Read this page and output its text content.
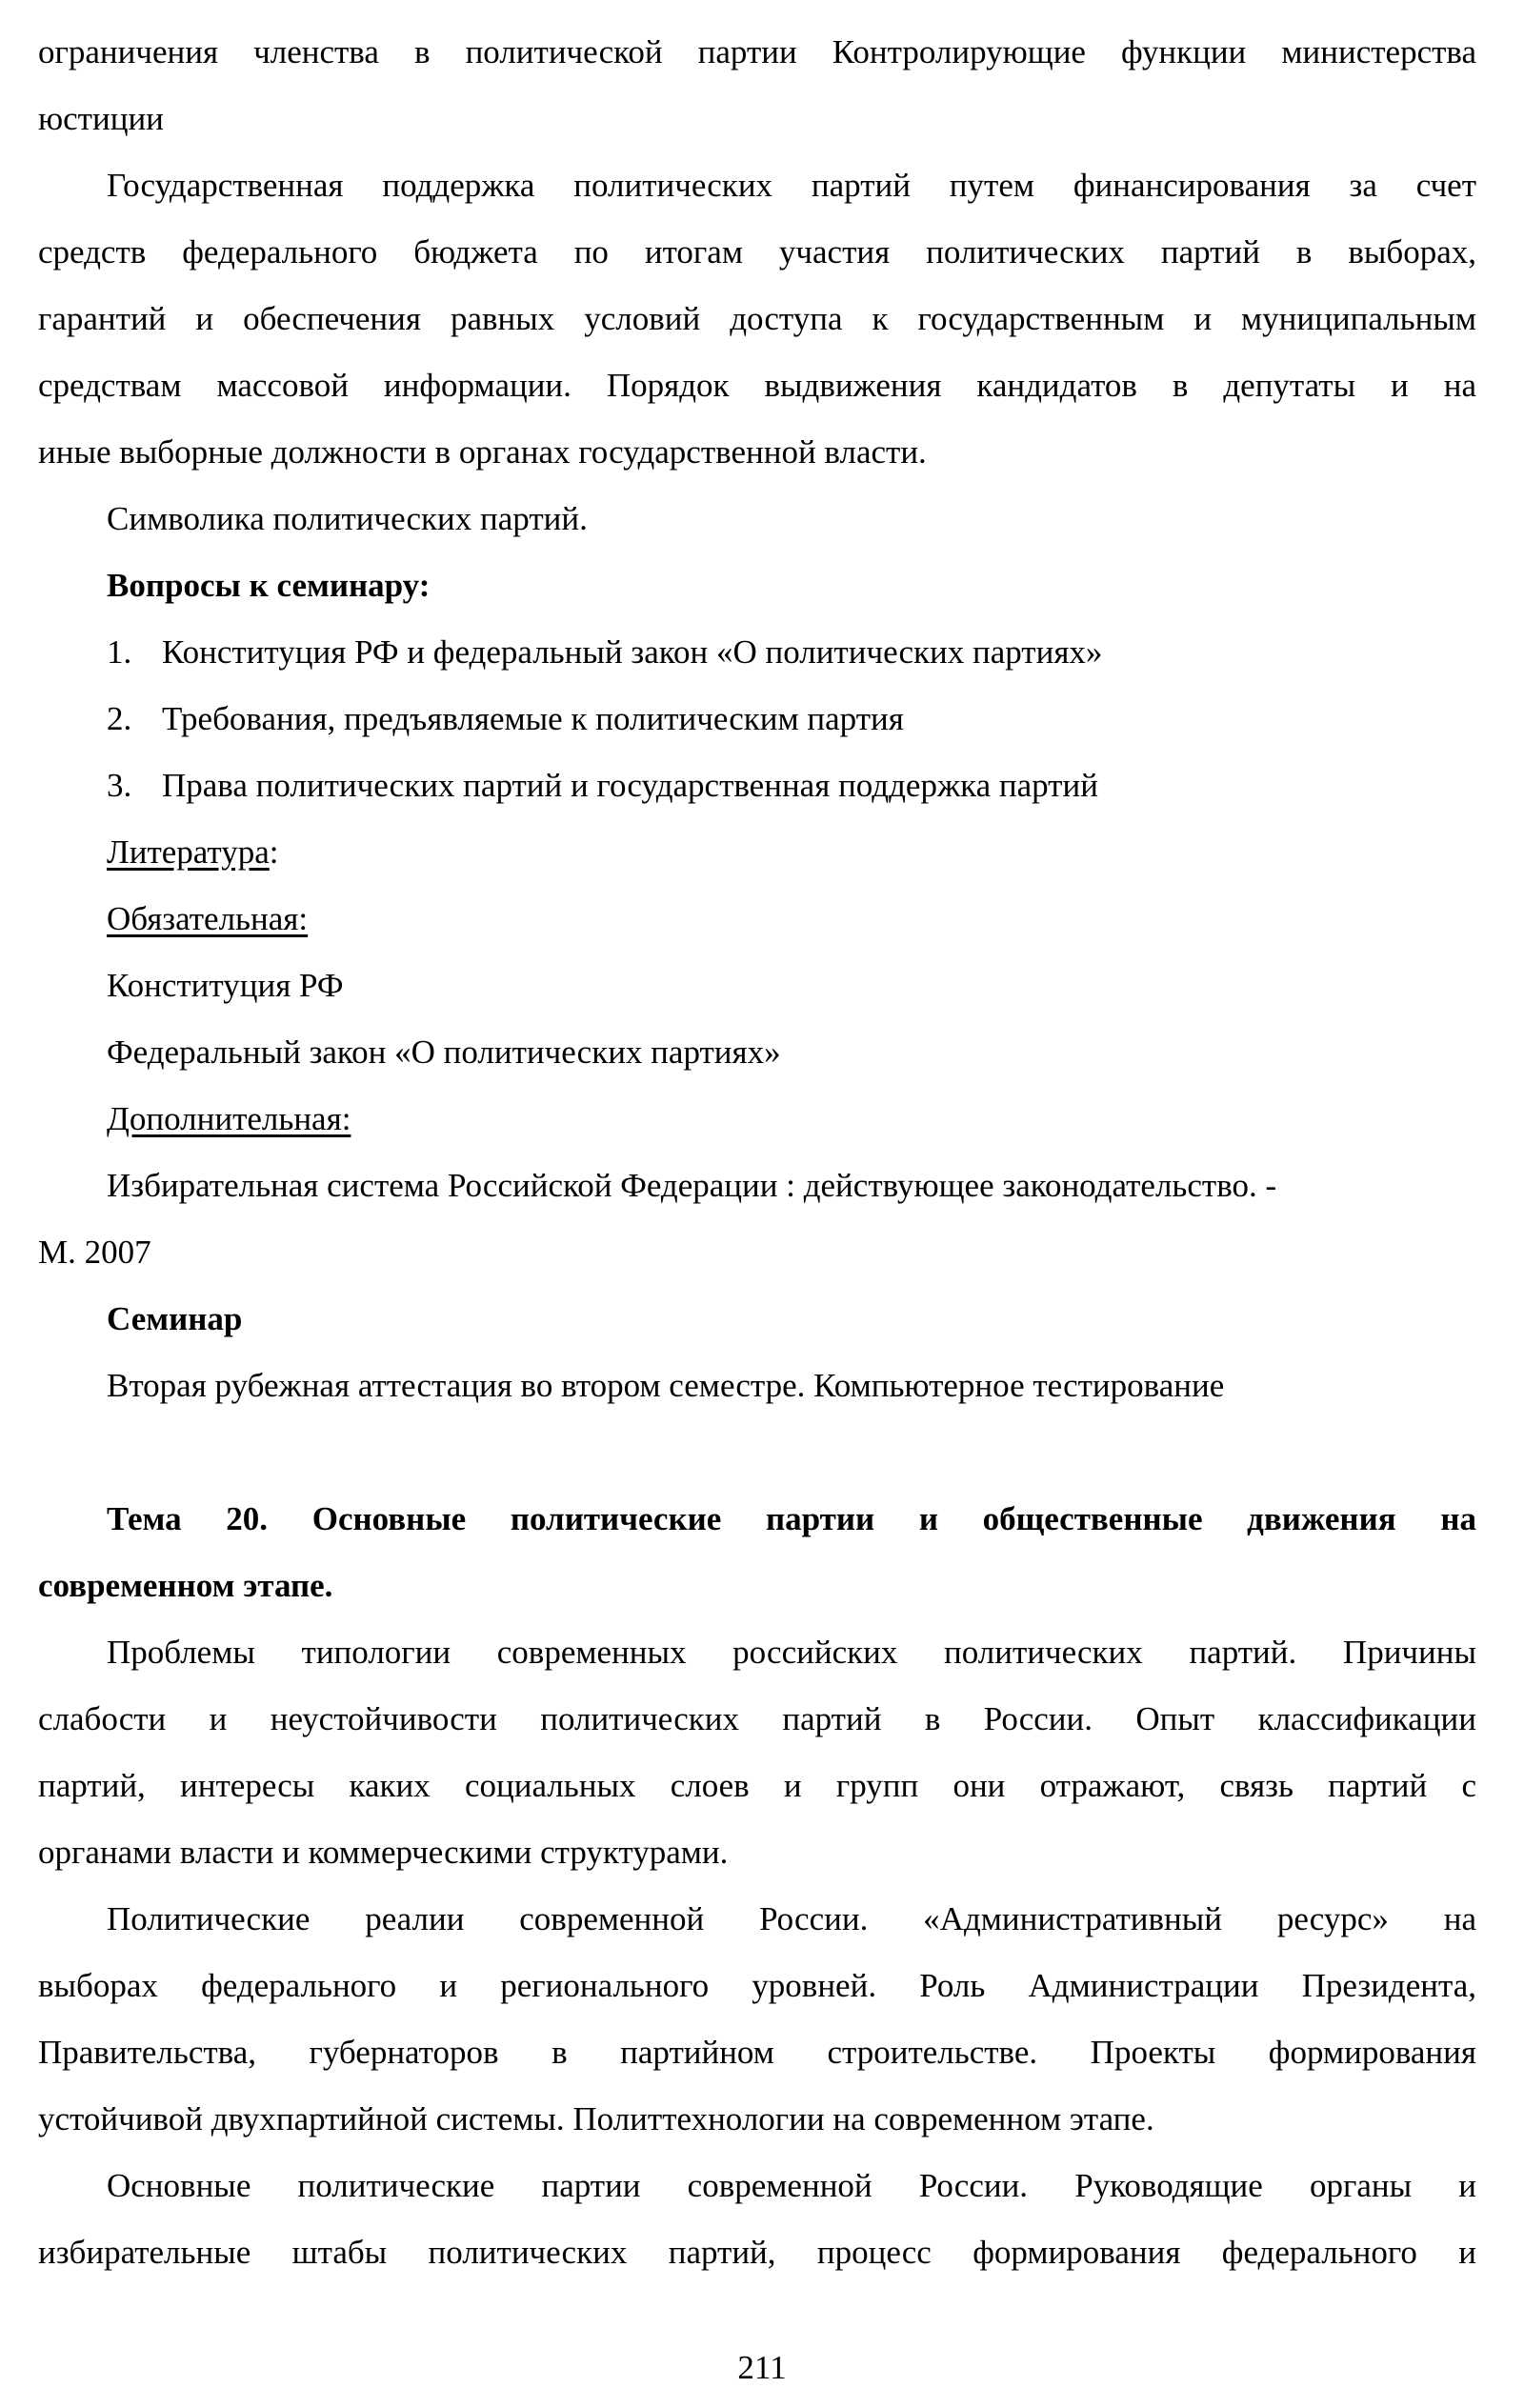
ограничения членства в политической партии Контролирующие функции министерства
юстиции
Государственная поддержка политических партий путем финансирования за счет
средств федерального бюджета по итогам участия политических партий в выборах,
гарантий и обеспечения равных условий доступа к государственным и муниципальным
средствам массовой информации. Порядок выдвижения кандидатов в депутаты и на
иные выборные должности в органах государственной власти.
Символика политических партий.
Вопросы к семинару:
1. Конституция РФ и федеральный закон «О политических партиях»
2. Требования, предъявляемые к политическим партия
3. Права политических партий и государственная поддержка партий
Литература:
Обязательная:
Конституция РФ
Федеральный закон «О политических партиях»
Дополнительная:
Избирательная система Российской Федерации : действующее законодательство. -
М. 2007
Семинар
Вторая рубежная аттестация во втором семестре. Компьютерное тестирование
Тема 20. Основные политические партии и общественные движения на
современном этапе.
Проблемы типологии современных российских политических партий. Причины
слабости и неустойчивости политических партий в России. Опыт классификации
партий, интересы каких социальных слоев и групп они отражают, связь партий с
органами власти и коммерческими структурами.
Политические реалии современной России. «Административный ресурс» на
выборах федерального и регионального уровней. Роль Администрации Президента,
Правительства, губернаторов в партийном строительстве. Проекты формирования
устойчивой двухпартийной системы. Политтехнологии на современном этапе.
Основные политические партии современной России. Руководящие органы и
избирательные штабы политических партий, процесс формирования федерального и
211
